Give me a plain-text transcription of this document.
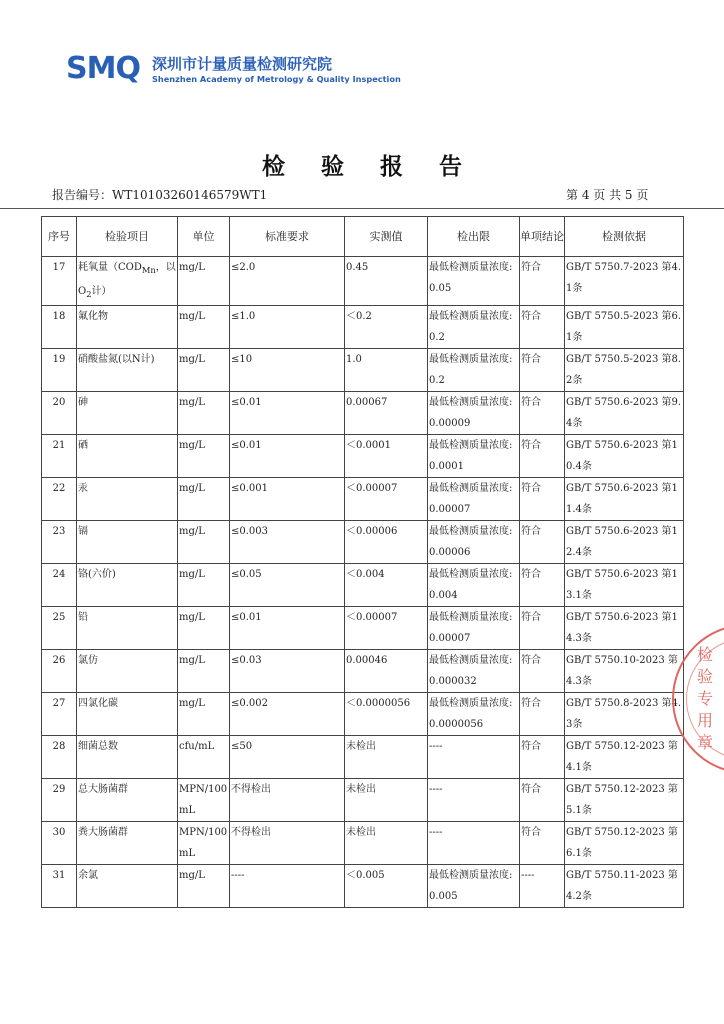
SMQ 深圳市计量质量检测研究院
Shenzhen Academy of Metrology & Quality Inspection
检 验 报 告
报告编号：WT10103260146579WT1	第 4 页 共 5 页
序号	检验项目	单位	标准要求	实测值	检出限	单项结论	检测依据
17	耗氧量（$COD_{Mn}$，以$O_2$计）	mg/L	≤2.0	0.45	最低检测质量浓度:0.05	符合	GB/T 5750.7-2023 第4.1条
18	氟化物	mg/L	≤1.0	＜0.2	最低检测质量浓度:0.2	符合	GB/T 5750.5-2023 第6.1条
19	硝酸盐氮(以N计)	mg/L	≤10	1.0	最低检测质量浓度:0.2	符合	GB/T 5750.5-2023 第8.2条
20	砷	mg/L	≤0.01	0.00067	最低检测质量浓度:0.00009	符合	GB/T 5750.6-2023 第9.4条
21	硒	mg/L	≤0.01	＜0.0001	最低检测质量浓度:0.0001	符合	GB/T 5750.6-2023 第10.4条
22	汞	mg/L	≤0.001	＜0.00007	最低检测质量浓度:0.00007	符合	GB/T 5750.6-2023 第11.4条
23	镉	mg/L	≤0.003	＜0.00006	最低检测质量浓度:0.00006	符合	GB/T 5750.6-2023 第12.4条
24	铬(六价)	mg/L	≤0.05	＜0.004	最低检测质量浓度:0.004	符合	GB/T 5750.6-2023 第13.1条
25	铅	mg/L	≤0.01	＜0.00007	最低检测质量浓度:0.00007	符合	GB/T 5750.6-2023 第14.3条
26	氯仿	mg/L	≤0.03	0.00046	最低检测质量浓度:0.000032	符合	GB/T 5750.10-2023 第4.3条
27	四氯化碳	mg/L	≤0.002	＜0.0000056	最低检测质量浓度:0.0000056	符合	GB/T 5750.8-2023 第4.3条
28	细菌总数	cfu/mL	≤50	未检出	----	符合	GB/T 5750.12-2023 第4.1条
29	总大肠菌群	MPN/100mL	不得检出	未检出	----	符合	GB/T 5750.12-2023 第5.1条
30	粪大肠菌群	MPN/100mL	不得检出	未检出	----	符合	GB/T 5750.12-2023 第6.1条
31	余氯	mg/L	----	＜0.005	最低检测质量浓度:0.005	----	GB/T 5750.11-2023 第4.2条
检验专用章
